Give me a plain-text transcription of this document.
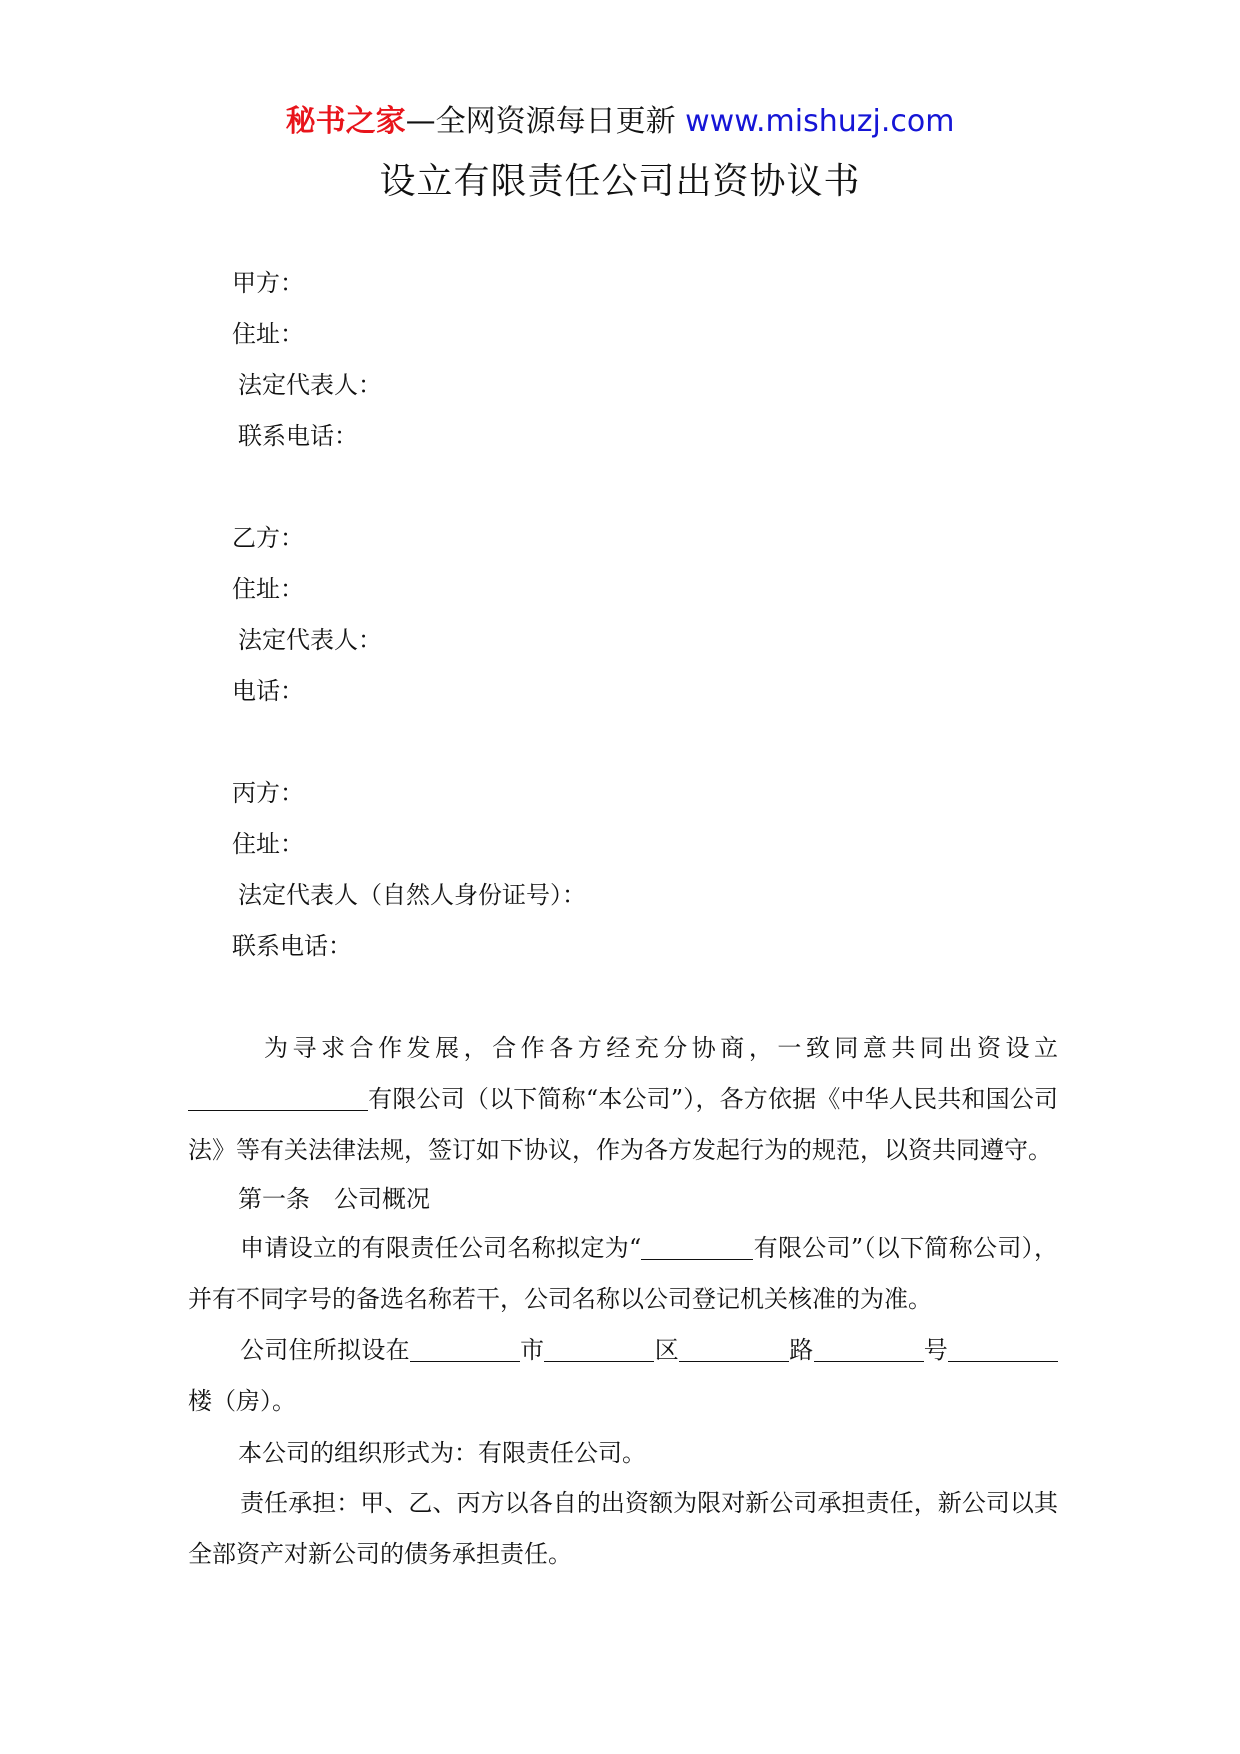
秘书之家—全网资源每日更新 www.mishuzj.com
设立有限责任公司出资协议书
甲方：
住址：
法定代表人：
联系电话：
乙方：
住址：
法定代表人：
电话：
丙方：
住址：
法定代表人（自然人身份证号）：
联系电话：
为寻求合作发展，合作各方经充分协商，一致同意共同出资设立有限公司（以下简称“本公司”），各方依据《中华人民共和国公司法》等有关法律法规，签订如下协议，作为各方发起行为的规范，以资共同遵守。
第一条　公司概况
申请设立的有限责任公司名称拟定为“	有限公司”（以下简称公司），并有不同字号的备选名称若干，公司名称以公司登记机关核准的为准。
公司住所拟设在	市	区	路	号楼（房）。
本公司的组织形式为：有限责任公司。
责任承担：甲、乙、丙方以各自的出资额为限对新公司承担责任，新公司以其全部资产对新公司的债务承担责任。
